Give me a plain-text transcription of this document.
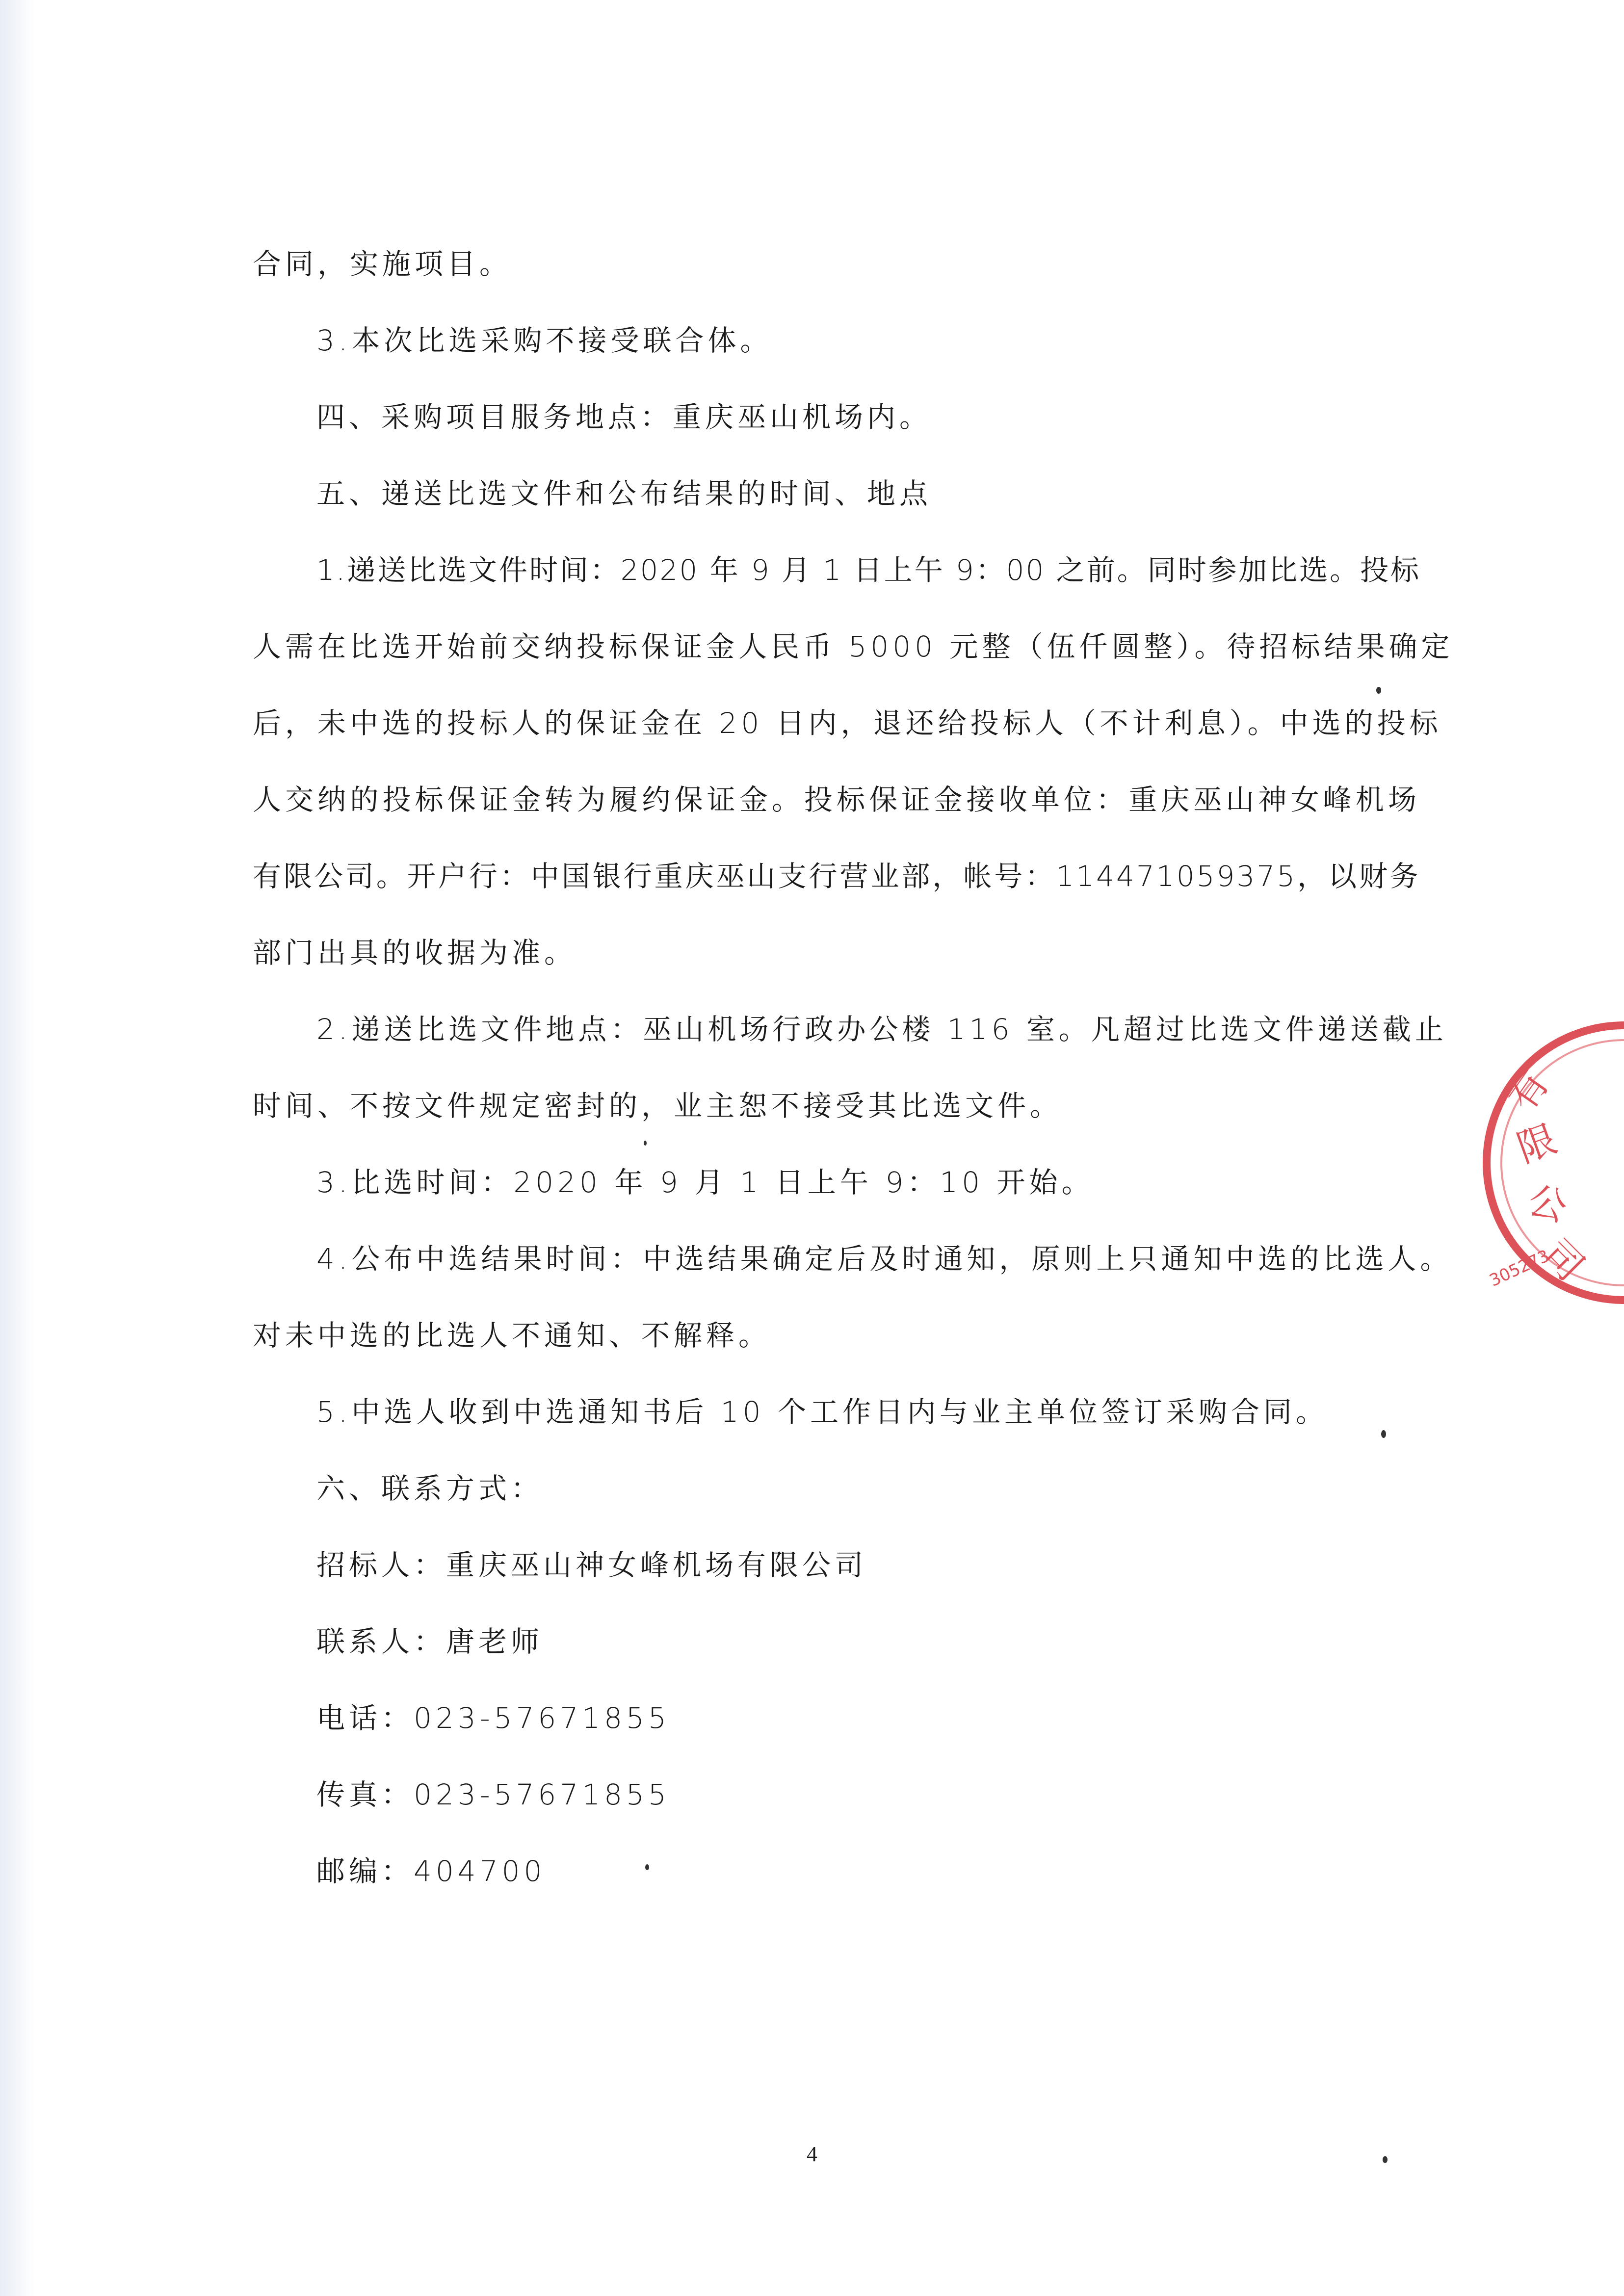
合同，实施项目。
3.本次比选采购不接受联合体。
四、采购项目服务地点：重庆巫山机场内。
五、递送比选文件和公布结果的时间、地点
1.递送比选文件时间：2020 年 9 月 1 日上午 9：00 之前。同时参加比选。投标
人需在比选开始前交纳投标保证金人民币 5000 元整（伍仟圆整）。待招标结果确定
后，未中选的投标人的保证金在 20 日内，退还给投标人（不计利息）。中选的投标
人交纳的投标保证金转为履约保证金。投标保证金接收单位：重庆巫山神女峰机场
有限公司。开户行：中国银行重庆巫山支行营业部，帐号：114471059375，以财务
部门出具的收据为准。
2.递送比选文件地点：巫山机场行政办公楼 116 室。凡超过比选文件递送截止
时间、不按文件规定密封的，业主恕不接受其比选文件。
3.比选时间：2020 年 9 月 1 日上午 9：10 开始。
4.公布中选结果时间：中选结果确定后及时通知，原则上只通知中选的比选人。
对未中选的比选人不通知、不解释。
5.中选人收到中选通知书后 10 个工作日内与业主单位签订采购合同。
六、联系方式：
招标人：重庆巫山神女峰机场有限公司
联系人：唐老师
电话：023-57671855
传真：023-57671855
邮编：404700
4
有
限
公
司
305273
